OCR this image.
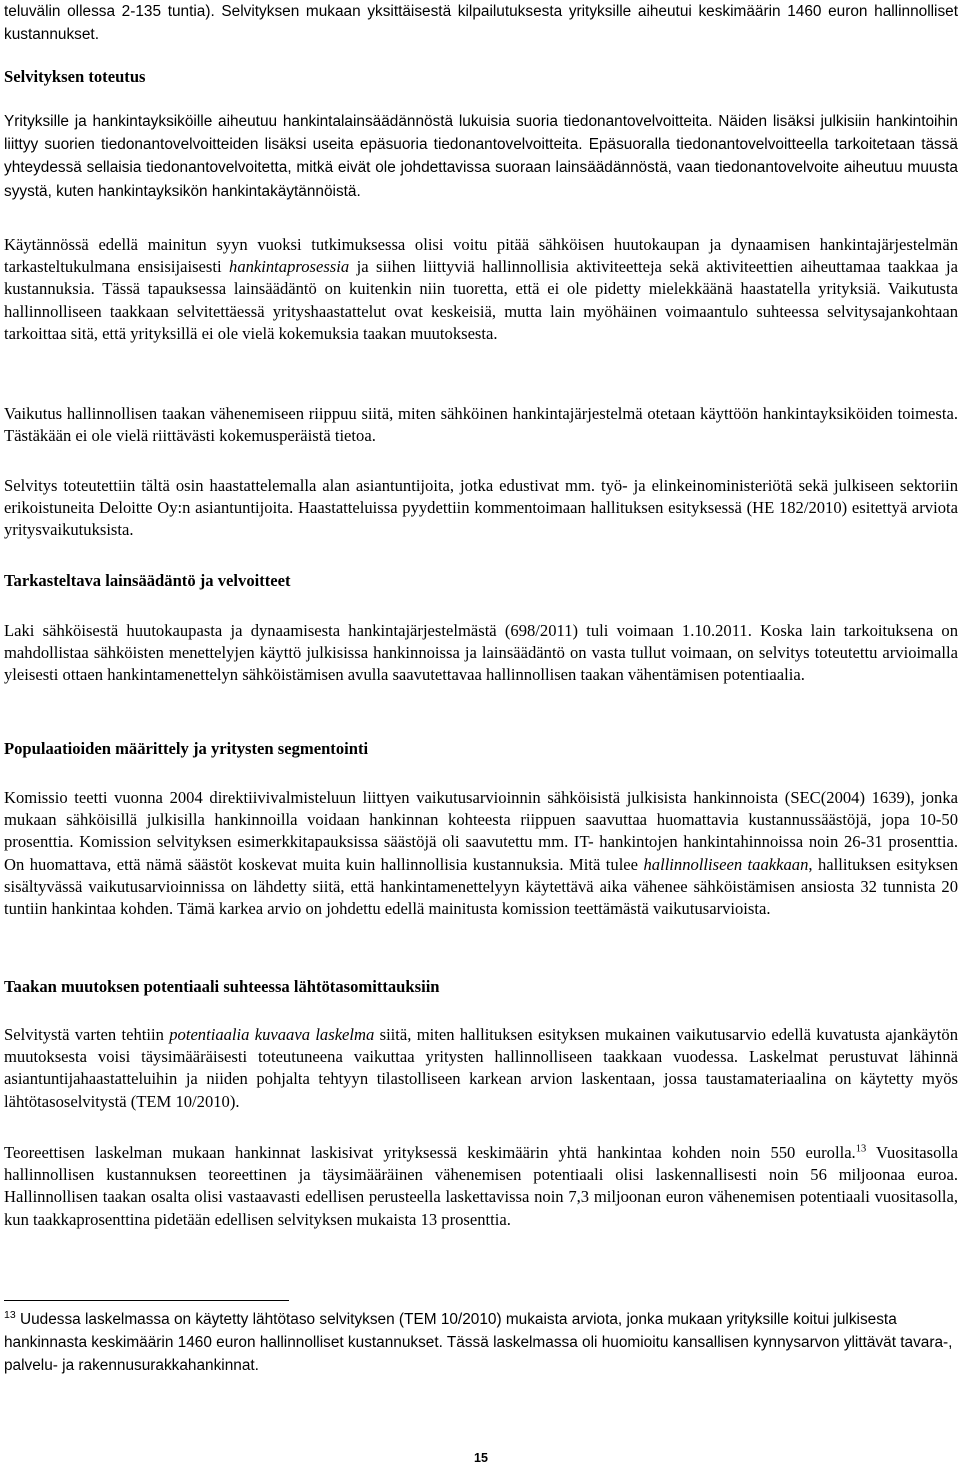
teluvälin ollessa 2-135 tuntia). Selvityksen mukaan yksittäisestä kilpailutuksesta yrityksille aiheutui keskimäärin 1460 euron hallinnolliset kustannukset.

Selvityksen toteutus

Yrityksille ja hankintayksiköille aiheutuu hankintalainsäädännöstä lukuisia suoria tiedonantovelvoitteita. Näiden lisäksi julkisiin hankintoihin liittyy suorien tiedonantovelvoitteiden lisäksi useita epäsuoria tiedonantovelvoitteita. Epäsuoralla tiedonantovelvoitteella tarkoitetaan tässä yhteydessä sellaisia tiedonantovelvoitetta, mitkä eivät ole johdettavissa suoraan lainsäädännöstä, vaan tiedonantovelvoite aiheutuu muusta syystä, kuten hankintayksikön hankintakäytännöistä.

Käytännössä edellä mainitun syyn vuoksi tutkimuksessa olisi voitu pitää sähköisen huutokaupan ja dynaamisen hankintajärjestelmän tarkasteltukulmana ensisijaisesti hankintaprosessia ja siihen liittyviä hallinnollisia aktiviteetteja sekä aktiviteettien aiheuttamaa taakkaa ja kustannuksia. Tässä tapauksessa lainsäädäntö on kuitenkin niin tuoretta, että ei ole pidetty mielekkäänä haastatella yrityksiä. Vaikutusta hallinnolliseen taakkaan selvitettäessä yrityshaastattelut ovat keskeisiä, mutta lain myöhäinen voimaantulo suhteessa selvitysajankohtaan tarkoittaa sitä, että yrityksillä ei ole vielä kokemuksia taakan muutoksesta.

Vaikutus hallinnollisen taakan vähenemiseen riippuu siitä, miten sähköinen hankintajärjestelmä otetaan käyttöön hankintayksiköiden toimesta. Tästäkään ei ole vielä riittävästi kokemusperäistä tietoa.

Selvitys toteutettiin tältä osin haastattelemalla alan asiantuntijoita, jotka edustivat mm. työ- ja elinkeinoministeriötä sekä julkiseen sektoriin erikoistuneita Deloitte Oy:n asiantuntijoita. Haastatteluissa pyydettiin kommentoimaan hallituksen esityksessä (HE 182/2010) esitettyä arviota yritysvaikutuksista.

Tarkasteltava lainsäädäntö ja velvoitteet

Laki sähköisestä huutokaupasta ja dynaamisesta hankintajärjestelmästä (698/2011) tuli voimaan 1.10.2011. Koska lain tarkoituksena on mahdollistaa sähköisten menettelyjen käyttö julkisissa hankinnoissa ja lainsäädäntö on vasta tullut voimaan, on selvitys toteutettu arvioimalla yleisesti ottaen hankintamenettelyn sähköistämisen avulla saavutettavaa hallinnollisen taakan vähentämisen potentiaalia.

Populaatioiden määrittely ja yritysten segmentointi

Komissio teetti vuonna 2004 direktiivivalmisteluun liittyen vaikutusarvioinnin sähköisistä julkisista hankinnoista (SEC(2004) 1639), jonka mukaan sähköisillä julkisilla hankinnoilla voidaan hankinnan kohteesta riippuen saavuttaa huomattavia kustannussäästöjä, jopa 10-50 prosenttia. Komission selvityksen esimerkkitapauksissa säästöjä oli saavutettu mm. IT- hankintojen hankintahinnoissa noin 26-31 prosenttia. On huomattava, että nämä säästöt koskevat muita kuin hallinnollisia kustannuksia. Mitä tulee hallinnolliseen taakkaan, hallituksen esityksen sisältyvässä vaikutusarvioinnissa on lähdetty siitä, että hankintamenettelyyn käytettävä aika vähenee sähköistämisen ansiosta 32 tunnista 20 tuntiin hankintaa kohden. Tämä karkea arvio on johdettu edellä mainitusta komission teettämästä vaikutusarvioista.

Taakan muutoksen potentiaali suhteessa lähtötasomittauksiin

Selvitystä varten tehtiin potentiaalia kuvaava laskelma siitä, miten hallituksen esityksen mukainen vaikutusarvio edellä kuvatusta ajankäytön muutoksesta voisi täysimääräisesti toteutuneena vaikuttaa yritysten hallinnolliseen taakkaan vuodessa. Laskelmat perustuvat lähinnä asiantuntijahaastatteluihin ja niiden pohjalta tehtyyn tilastolliseen karkean arvion laskentaan, jossa taustamateriaalina on käytetty myös lähtötasoselvitystä (TEM 10/2010).

Teoreettisen laskelman mukaan hankinnat laskisivat yrityksessä keskimäärin yhtä hankintaa kohden noin 550 eurolla.$^{13}$ Vuositasolla hallinnollisen kustannuksen teoreettinen ja täysimääräinen vähenemisen potentiaali olisi laskennallisesti noin 56 miljoonaa euroa. Hallinnollisen taakan osalta olisi vastaavasti edellisen perusteella laskettavissa noin 7,3 miljoonan euron vähenemisen potentiaali vuositasolla, kun taakkaprosenttina pidetään edellisen selvityksen mukaista 13 prosenttia.

$^{13}$ Uudessa laskelmassa on käytetty lähtötaso selvityksen (TEM 10/2010) mukaista arviota, jonka mukaan yrityksille koitui julkisesta hankinnasta keskimäärin 1460 euron hallinnolliset kustannukset. Tässä laskelmassa oli huomioitu kansallisen kynnysarvon ylittävät tavara-, palvelu- ja rakennusurakkahankinnat.

15
